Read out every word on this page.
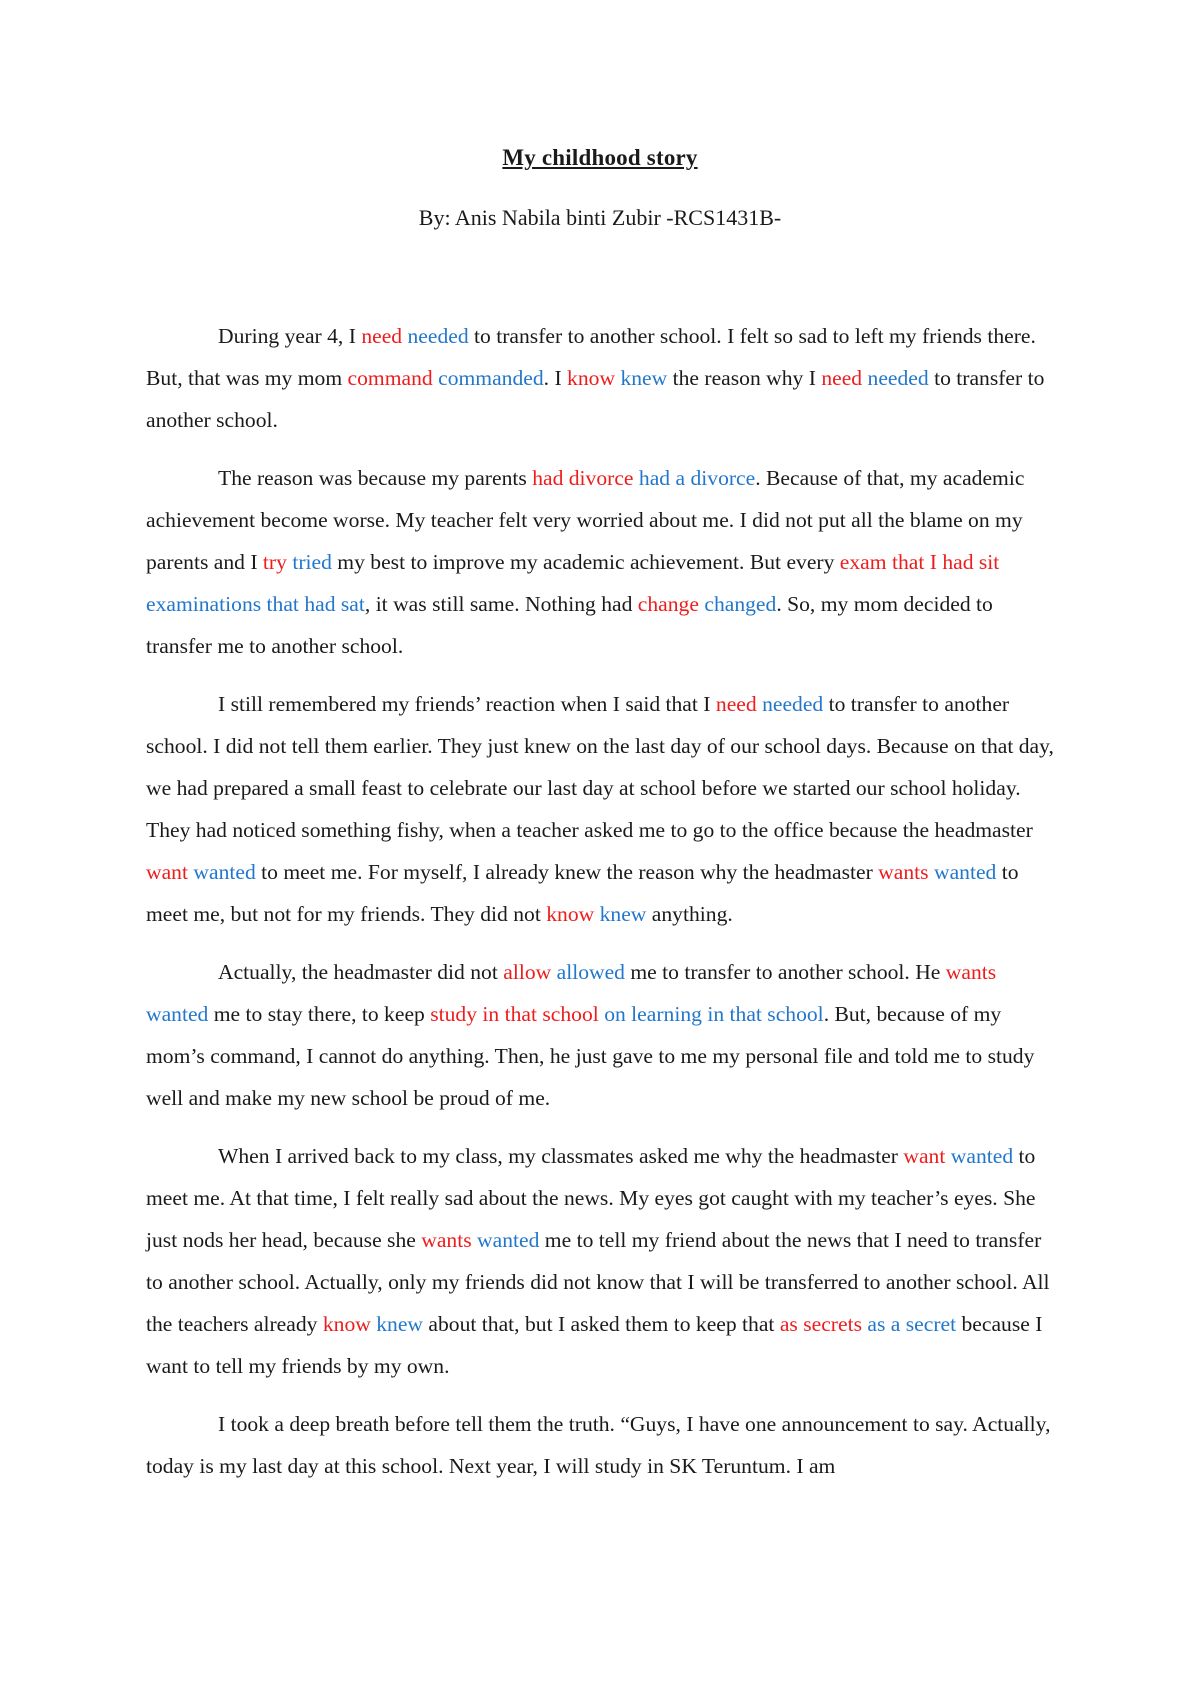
My childhood story
By: Anis Nabila binti Zubir -RCS1431B-

During year 4, I need needed to transfer to another school. I felt so sad to left my friends there. But, that was my mom command commanded. I know knew the reason why I need needed to transfer to another school.

The reason was because my parents had divorce had a divorce. Because of that, my academic achievement become worse. My teacher felt very worried about me. I did not put all the blame on my parents and I try tried my best to improve my academic achievement. But every exam that I had sit examinations that had sat, it was still same. Nothing had change changed. So, my mom decided to transfer me to another school.

I still remembered my friends’ reaction when I said that I need needed to transfer to another school. I did not tell them earlier. They just knew on the last day of our school days. Because on that day, we had prepared a small feast to celebrate our last day at school before we started our school holiday. They had noticed something fishy, when a teacher asked me to go to the office because the headmaster want wanted to meet me. For myself, I already knew the reason why the headmaster wants wanted to meet me, but not for my friends. They did not know knew anything.

Actually, the headmaster did not allow allowed me to transfer to another school. He wants wanted me to stay there, to keep study in that school on learning in that school. But, because of my mom’s command, I cannot do anything. Then, he just gave to me my personal file and told me to study well and make my new school be proud of me.

When I arrived back to my class, my classmates asked me why the headmaster want wanted to meet me. At that time, I felt really sad about the news. My eyes got caught with my teacher’s eyes. She just nods her head, because she wants wanted me to tell my friend about the news that I need to transfer to another school. Actually, only my friends did not know that I will be transferred to another school. All the teachers already know knew about that, but I asked them to keep that as secrets as a secret because I want to tell my friends by my own.

I took a deep breath before tell them the truth. “Guys, I have one announcement to say. Actually, today is my last day at this school. Next year, I will study in SK Teruntum. I am
